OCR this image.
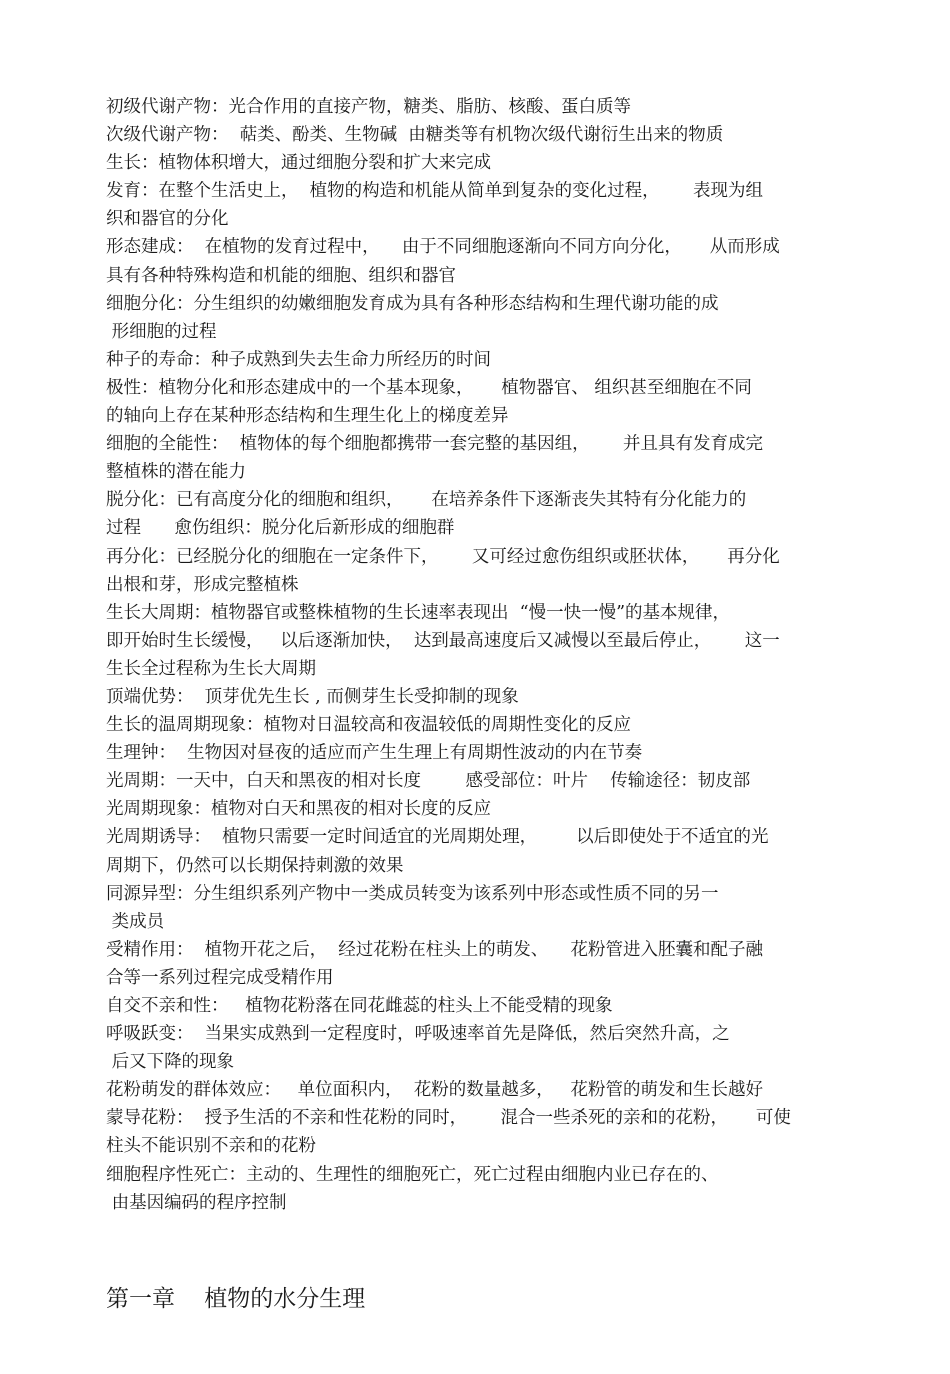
初级代谢产物：光合作用的直接产物，糖类、脂肪、核酸、蛋白质等
次级代谢产物：  萜类、酚类、生物碱  由糖类等有机物次级代谢衍生出来的物质
生长：植物体积增大，通过细胞分裂和扩大来完成
发育：在整个生活史上，  植物的构造和机能从简单到复杂的变化过程，      表现为组
织和器官的分化
形态建成：  在植物的发育过程中，    由于不同细胞逐渐向不同方向分化，     从而形成
具有各种特殊构造和机能的细胞、组织和器官
细胞分化：分生组织的幼嫩细胞发育成为具有各种形态结构和生理代谢功能的成
形细胞的过程
种子的寿命：种子成熟到失去生命力所经历的时间
极性：植物分化和形态建成中的一个基本现象，     植物器官、 组织甚至细胞在不同
的轴向上存在某种形态结构和生理生化上的梯度差异
细胞的全能性：  植物体的每个细胞都携带一套完整的基因组，      并且具有发育成完
整植株的潜在能力
脱分化：已有高度分化的细胞和组织，     在培养条件下逐渐丧失其特有分化能力的
过程      愈伤组织：脱分化后新形成的细胞群
再分化：已经脱分化的细胞在一定条件下，      又可经过愈伤组织或胚状体，     再分化
出根和芽，形成完整植株
生长大周期：植物器官或整株植物的生长速率表现出  “慢一快一慢”的基本规律，
即开始时生长缓慢，   以后逐渐加快，  达到最高速度后又减慢以至最后停止，      这一
生长全过程称为生长大周期
顶端优势：  顶芽优先生长 , 而侧芽生长受抑制的现象
生长的温周期现象：植物对日温较高和夜温较低的周期性变化的反应
生理钟：  生物因对昼夜的适应而产生生理上有周期性波动的内在节奏
光周期：一天中，白天和黑夜的相对长度        感受部位：叶片    传输途径：韧皮部
光周期现象：植物对白天和黑夜的相对长度的反应
光周期诱导：  植物只需要一定时间适宜的光周期处理，       以后即使处于不适宜的光
周期下，仍然可以长期保持刺激的效果
同源异型：分生组织系列产物中一类成员转变为该系列中形态或性质不同的另一
类成员
受精作用：  植物开花之后，  经过花粉在柱头上的萌发、    花粉管进入胚囊和配子融
合等一系列过程完成受精作用
自交不亲和性：   植物花粉落在同花雌蕊的柱头上不能受精的现象
呼吸跃变：  当果实成熟到一定程度时，呼吸速率首先是降低，然后突然升高，之
后又下降的现象
花粉萌发的群体效应：   单位面积内，  花粉的数量越多，   花粉管的萌发和生长越好
蒙导花粉：  授予生活的不亲和性花粉的同时，      混合一些杀死的亲和的花粉，     可使
柱头不能识别不亲和的花粉
细胞程序性死亡：主动的、生理性的细胞死亡，死亡过程由细胞内业已存在的、
由基因编码的程序控制
第一章    植物的水分生理
